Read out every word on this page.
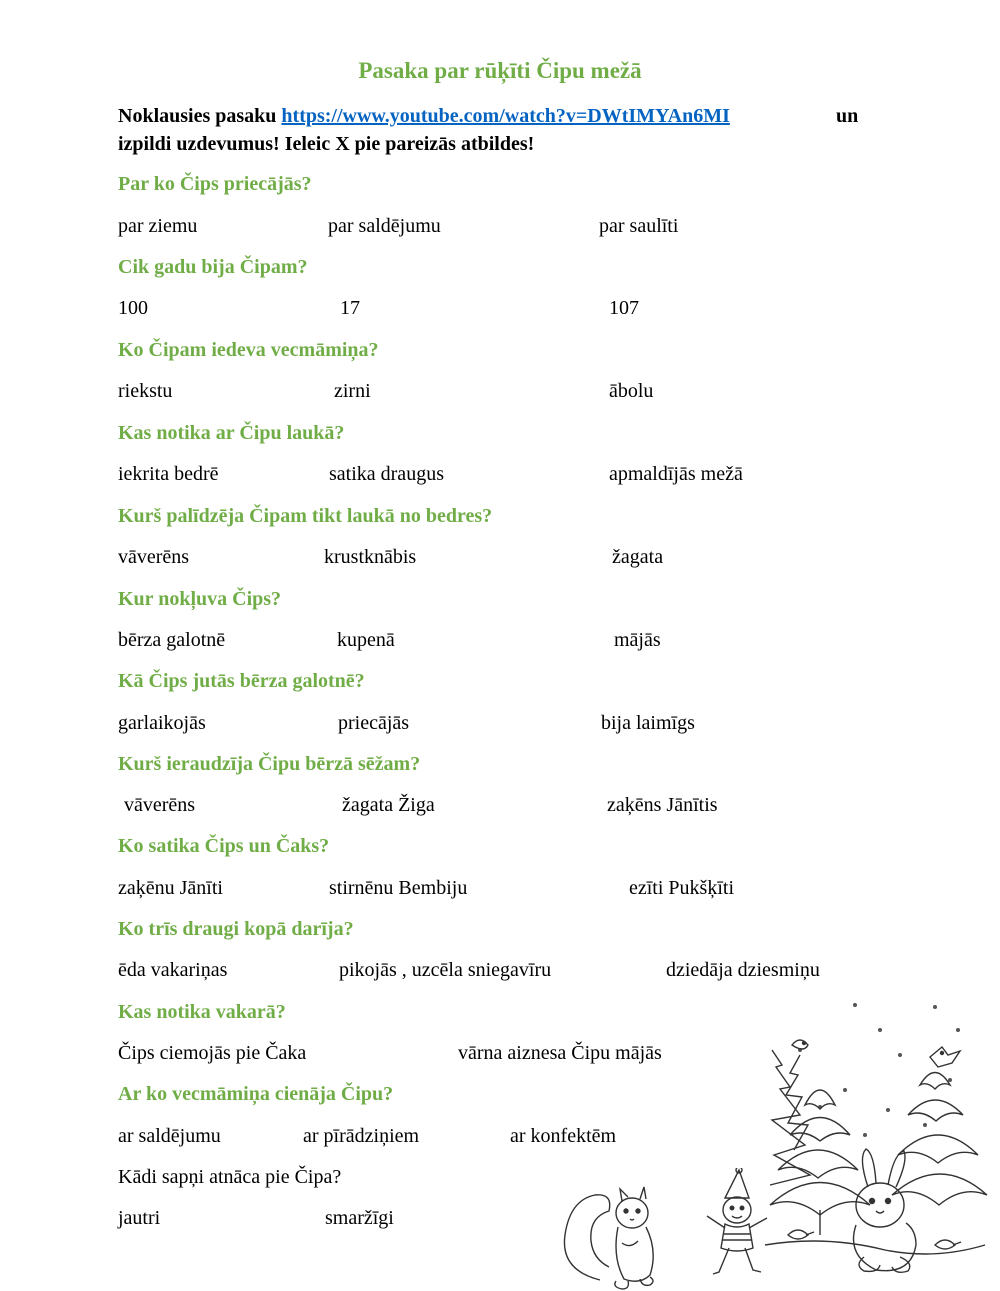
Pasaka par rūķīti Čipu mežā
Noklausies pasaku https://www.youtube.com/watch?v=DWtIMYAn6MI	un

izpildi uzdevumus! Ieleic X pie pareizās atbildes!
Par ko Čips priecājās?
par ziemu	par saldējumu	par saulīti
Cik gadu bija Čipam?
100	17	107
Ko Čipam iedeva vecmāmiņa?
riekstu	zirni	ābolu
Kas notika ar Čipu laukā?
iekrita bedrē	satika draugus	apmaldījās mežā
Kurš palīdzēja Čipam tikt laukā no bedres?
vāverēns	krustknābis	žagata
Kur nokļuva Čips?
bērza galotnē	kupenā	mājās
Kā Čips jutās bērza galotnē?
garlaikojās	priecājās	bija laimīgs
Kurš ieraudzīja Čipu bērzā sēžam?
vāverēns	žagata Žiga	zaķēns Jānītis
Ko satika Čips un Čaks?
zaķēnu Jānīti	stirnēnu Bembiju	ezīti Pukšķīti
Ko trīs draugi kopā darīja?
ēda vakariņas	pikojās , uzcēla sniegavīru	dziedāja dziesmiņu
Kas notika vakarā?
Čips ciemojās pie Čaka	vārna aiznesa Čipu mājās
Ar ko vecmāmiņa cienāja Čipu?
ar saldējumu	ar pīrādziņiem	ar konfektēm
Kādi sapņi atnāca pie Čipa?
jautri	smaržīgi
